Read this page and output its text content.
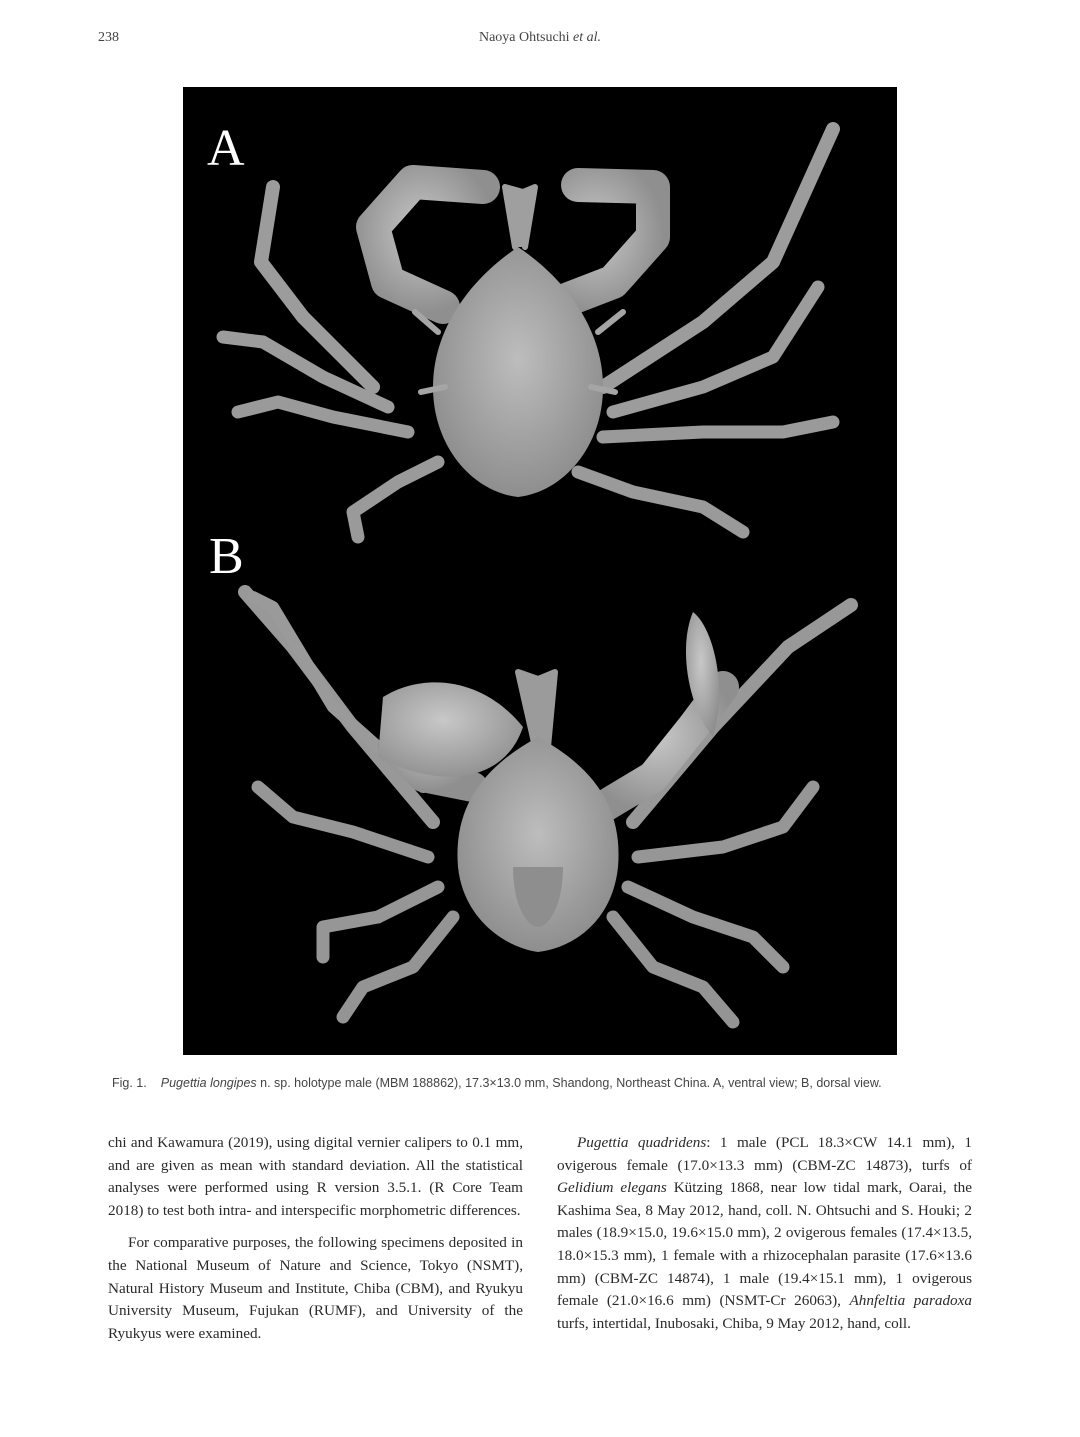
238	Naoya Ohtsuchi et al.
A
B
Fig. 1. Pugettia longipes n. sp. holotype male (MBM 188862), 17.3×13.0 mm, Shandong, Northeast China. A, ventral view; B, dorsal view.

chi and Kawamura (2019), using digital vernier calipers to 0.1 mm, and are given as mean with standard deviation. All the statistical analyses were performed using R version 3.5.1. (R Core Team 2018) to test both intra- and interspecific morphometric differences.

For comparative purposes, the following specimens deposited in the National Museum of Nature and Science, Tokyo (NSMT), Natural History Museum and Institute, Chiba (CBM), and Ryukyu University Museum, Fujukan (RUMF), and University of the Ryukyus were examined.

Pugettia quadridens: 1 male (PCL 18.3×CW 14.1 mm), 1 ovigerous female (17.0×13.3 mm) (CBM-ZC 14873), turfs of Gelidium elegans Kützing 1868, near low tidal mark, Oarai, the Kashima Sea, 8 May 2012, hand, coll. N. Ohtsuchi and S. Houki; 2 males (18.9×15.0, 19.6×15.0 mm), 2 ovigerous females (17.4×13.5, 18.0×15.3 mm), 1 female with a rhizocephalan parasite (17.6×13.6 mm) (CBM-ZC 14874), 1 male (19.4×15.1 mm), 1 ovigerous female (21.0×16.6 mm) (NSMT-Cr 26063), Ahnfeltia paradoxa turfs, intertidal, Inubosaki, Chiba, 9 May 2012, hand, coll.
